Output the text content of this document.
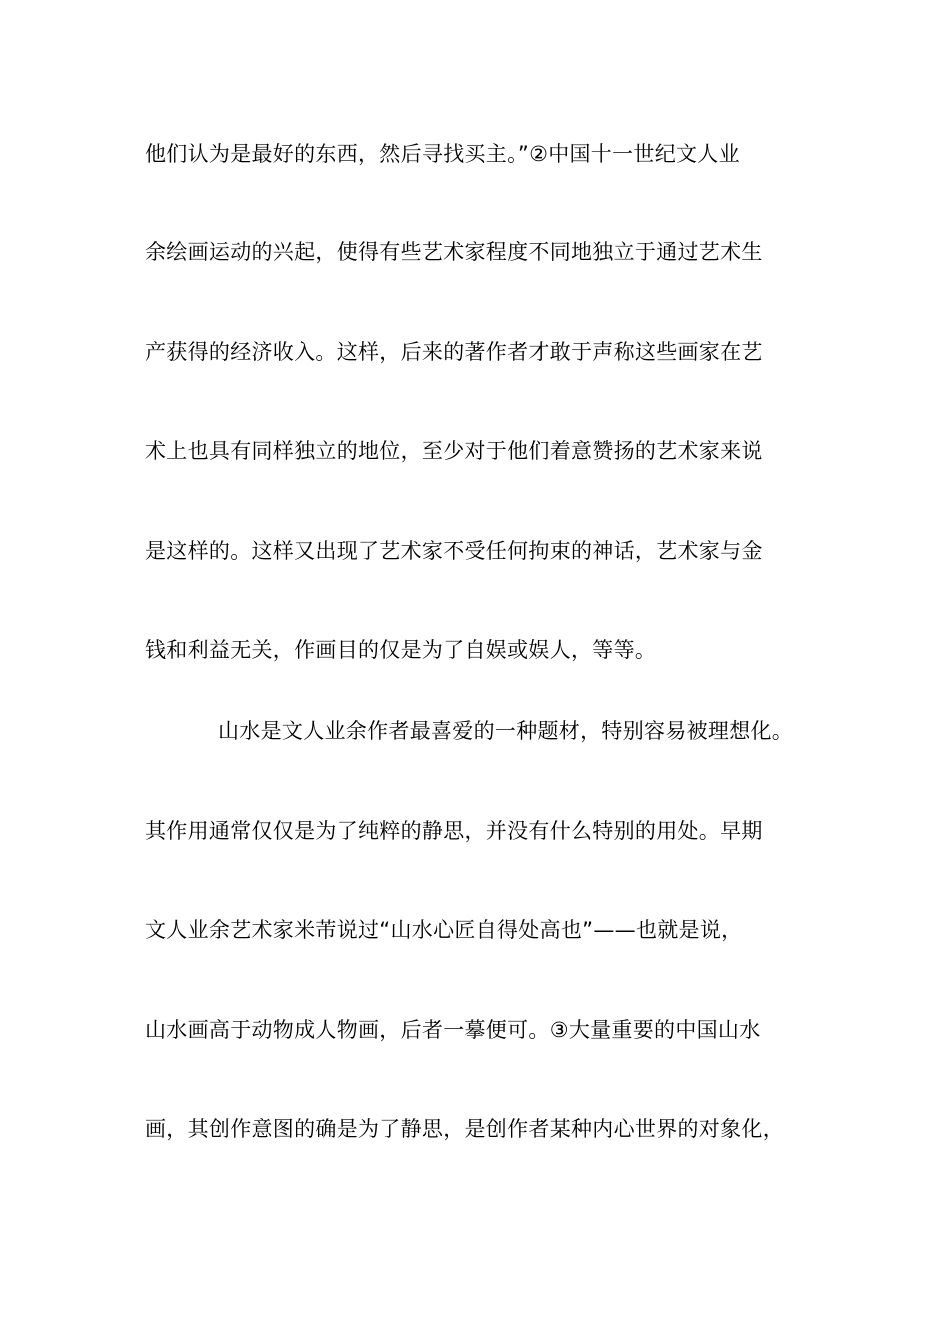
他们认为是最好的东西，然后寻找买主。”②中国十一世纪文人业
余绘画运动的兴起，使得有些艺术家程度不同地独立于通过艺术生
产获得的经济收入。这样，后来的著作者才敢于声称这些画家在艺
术上也具有同样独立的地位，至少对于他们着意赞扬的艺术家来说
是这样的。这样又出现了艺术家不受任何拘束的神话，艺术家与金
钱和利益无关，作画目的仅是为了自娱或娱人，等等。
山水是文人业余作者最喜爱的一种题材，特别容易被理想化。
其作用通常仅仅是为了纯粹的静思，并没有什么特别的用处。早期
文人业余艺术家米芾说过“山水心匠自得处高也”——也就是说，
山水画高于动物成人物画，后者一摹便可。③大量重要的中国山水
画，其创作意图的确是为了静思，是创作者某种内心世界的对象化，
